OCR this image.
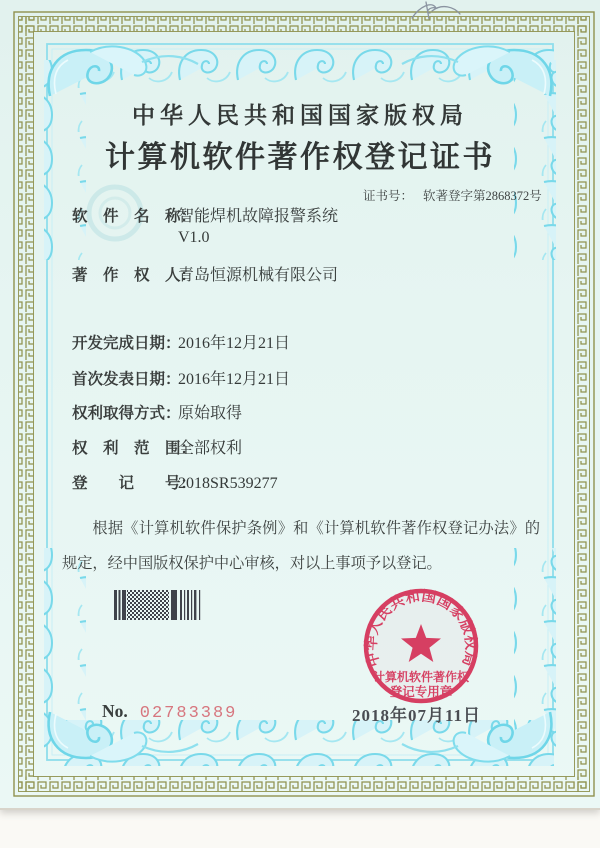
中华人民共和国国家版权局
计算机软件著作权登记证书
证书号： 软著登字第2868372号
软　件　名　称：
智能焊机故障报警系统
V1.0
著　作　权　人：
青岛恒源机械有限公司
开发完成日期：
2016年12月21日
首次发表日期：
2016年12月21日
权利取得方式：
原始取得
权　利　范　围：
全部权利
登　　记　　号：
2018SR539277
根据《计算机软件保护条例》和《计算机软件著作权登记办法》的规定，经中国版权保护中心审核，对以上事项予以登记。
中华人民共和国国家版权局
计算机软件著作权
登记专用章
2018年07月11日
No. 02783389
